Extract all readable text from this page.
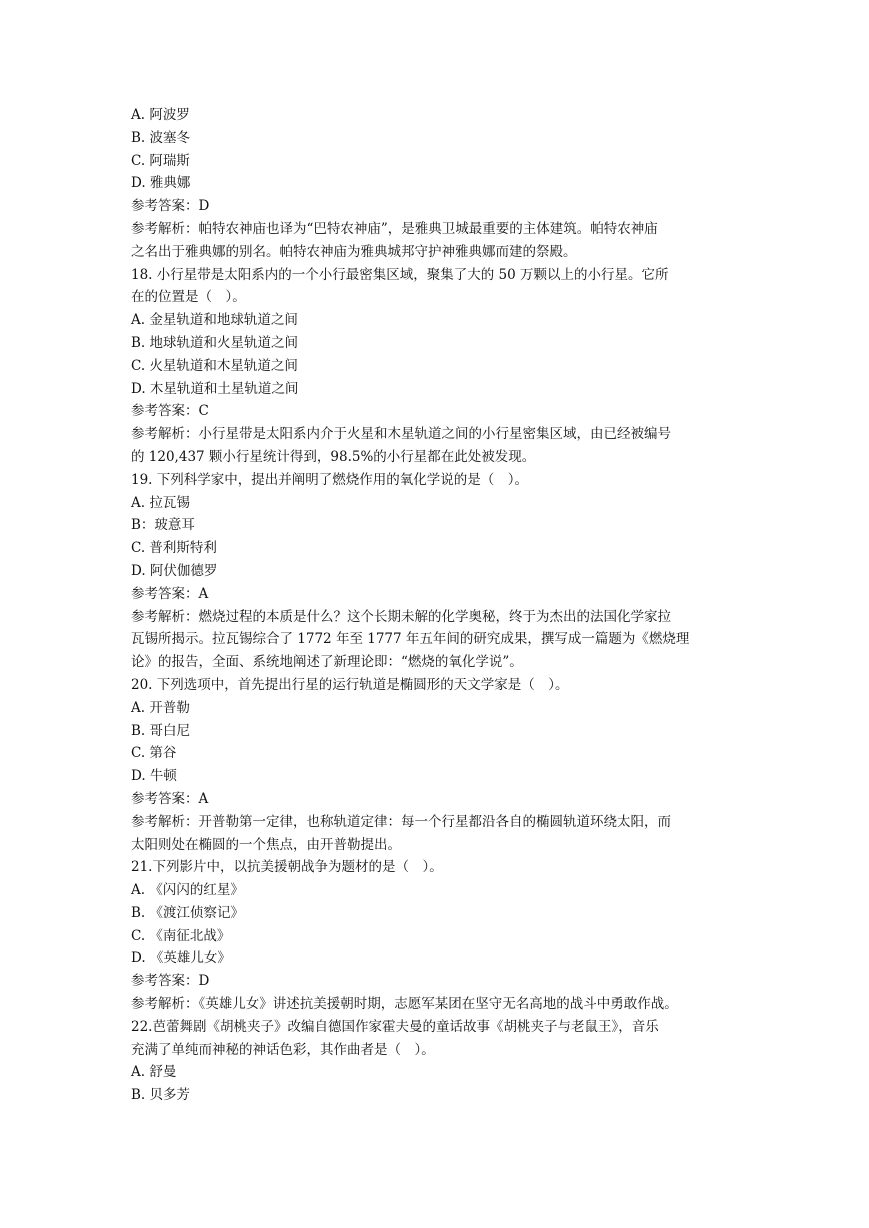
A. 阿波罗
B. 波塞冬
C. 阿瑞斯
D. 雅典娜
参考答案：D
参考解析：帕特农神庙也译为“巴特农神庙”，是雅典卫城最重要的主体建筑。帕特农神庙
之名出于雅典娜的别名。帕特农神庙为雅典城邦守护神雅典娜而建的祭殿。
18. 小行星带是太阳系内的一个小行最密集区域，聚集了大的 50 万颗以上的小行星。它所
在的位置是（　）。
A. 金星轨道和地球轨道之间
B. 地球轨道和火星轨道之间
C. 火星轨道和木星轨道之间
D. 木星轨道和土星轨道之间
参考答案：C
参考解析：小行星带是太阳系内介于火星和木星轨道之间的小行星密集区域，由已经被编号
的 120,437 颗小行星统计得到，98.5%的小行星都在此处被发现。
19. 下列科学家中，提出并阐明了燃烧作用的氧化学说的是（　）。
A. 拉瓦锡
B：玻意耳
C. 普利斯特利
D. 阿伏伽德罗
参考答案：A
参考解析：燃烧过程的本质是什么？这个长期未解的化学奥秘，终于为杰出的法国化学家拉
瓦锡所揭示。拉瓦锡综合了 1772 年至 1777 年五年间的研究成果，撰写成一篇题为《燃烧理
论》的报告，全面、系统地阐述了新理论即：“燃烧的氧化学说”。
20. 下列选项中，首先提出行星的运行轨道是椭圆形的天文学家是（　）。
A. 开普勒
B. 哥白尼
C. 第谷
D. 牛顿
参考答案：A
参考解析：开普勒第一定律，也称轨道定律：每一个行星都沿各自的椭圆轨道环绕太阳，而
太阳则处在椭圆的一个焦点，由开普勒提出。
21.下列影片中，以抗美援朝战争为题材的是（　）。
A. 《闪闪的红星》
B. 《渡江侦察记》
C. 《南征北战》
D. 《英雄儿女》
参考答案：D
参考解析：《英雄儿女》讲述抗美援朝时期，志愿军某团在坚守无名高地的战斗中勇敢作战。
22.芭蕾舞剧《胡桃夹子》改编自德国作家霍夫曼的童话故事《胡桃夹子与老鼠王》，音乐
充满了单纯而神秘的神话色彩，其作曲者是（　）。
A. 舒曼
B. 贝多芳
